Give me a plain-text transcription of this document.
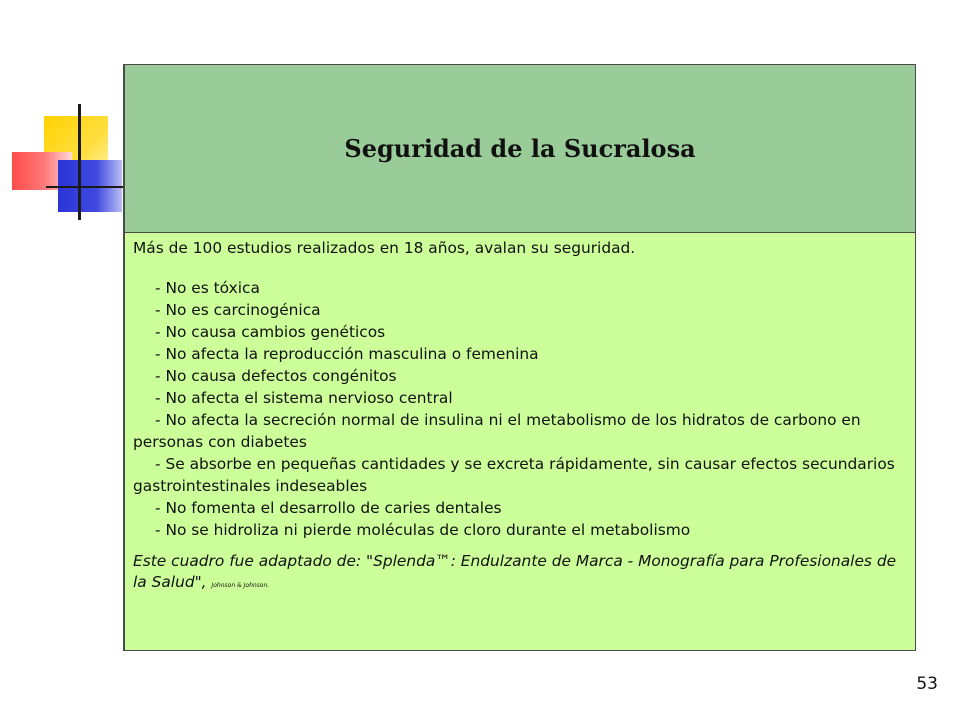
Seguridad de la Sucralosa

Más de 100 estudios realizados en 18 años, avalan su seguridad.

- No es tóxica

- No es carcinogénica

- No causa cambios genéticos

- No afecta la reproducción masculina o femenina

- No causa defectos congénitos

- No afecta el sistema nervioso central

- No afecta la secreción normal de insulina ni el metabolismo de los hidratos de carbono en personas con diabetes

- Se absorbe en pequeñas cantidades y se excreta rápidamente, sin causar efectos secundarios gastrointestinales indeseables

- No fomenta el desarrollo de caries dentales

- No se hidroliza ni pierde moléculas de cloro durante el metabolismo

Este cuadro fue adaptado de: "Splenda™: Endulzante de Marca - Monografía para Profesionales de la Salud", Johnson & Johnson.

53
